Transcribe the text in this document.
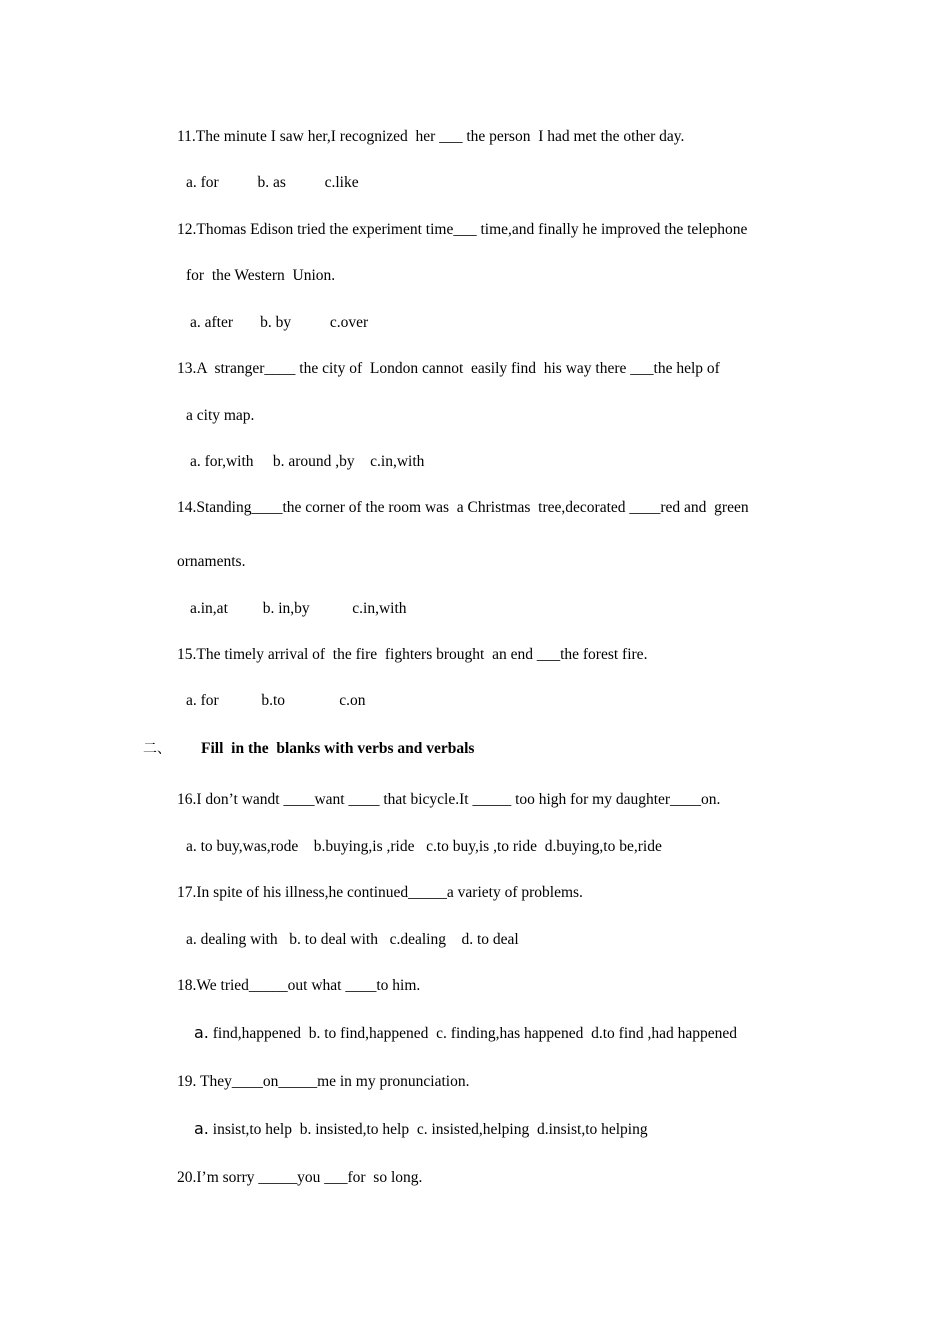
11.The minute I saw her,I recognized  her ___ the person  I had met the other day.
a. for          b. as          c.like
12.Thomas Edison tried the experiment time___ time,and finally he improved the telephone
for  the Western  Union.
a. after       b. by          c.over
13.A  stranger____ the city of  London cannot  easily find  his way there ___the help of
a city map.
a. for,with     b. around ,by    c.in,with
14.Standing____the corner of the room was  a Christmas  tree,decorated ____red and  green
ornaments.
a.in,at         b. in,by           c.in,with
15.The timely arrival of  the fire  fighters brought  an end ___the forest fire.
a. for           b.to              c.on
二、 Fill  in the  blanks with verbs and verbals
16.I don’t wandt ____want ____ that bicycle.It _____ too high for my daughter____on.
a. to buy,was,rode    b.buying,is ,ride   c.to buy,is ,to ride  d.buying,to be,ride
17.In spite of his illness,he continued_____a variety of problems.
a. dealing with   b. to deal with   c.dealing    d. to deal
18.We tried_____out what ____to him.
a. find,happened  b. to find,happened  c. finding,has happened  d.to find ,had happened
19. They____on_____me in my pronunciation.
a. insist,to help  b. insisted,to help  c. insisted,helping  d.insist,to helping
20.I’m sorry _____you ___for  so long.
